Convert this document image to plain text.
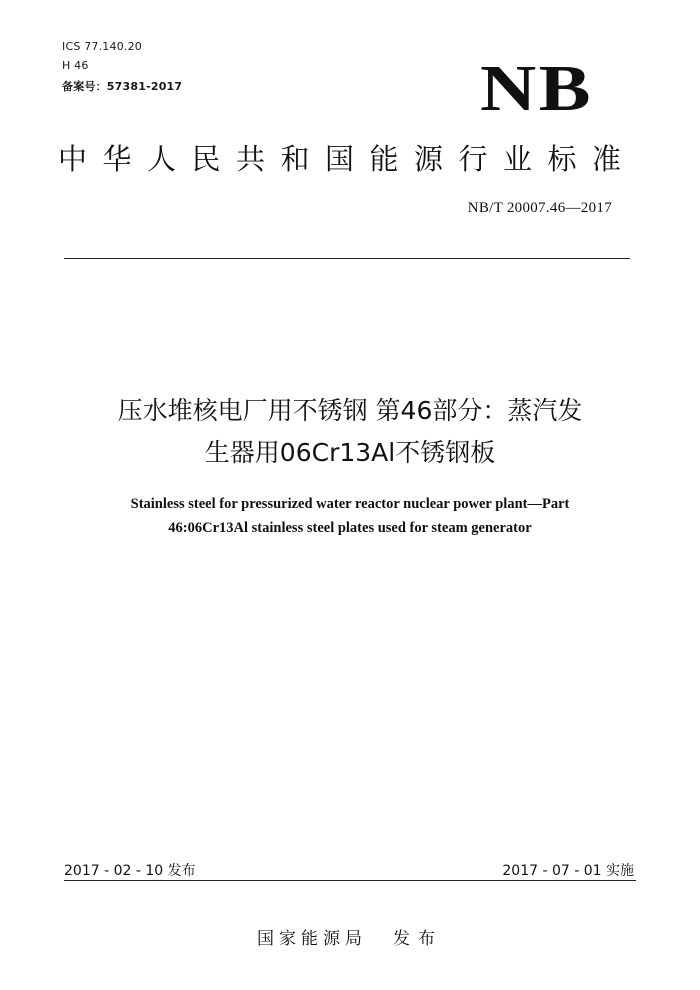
ICS 77.140.20
H 46
备案号：57381-2017	NB
中华人民共和国能源行业标准
NB/T 20007.46—2017
压水堆核电厂用不锈钢 第46部分：蒸汽发
生器用06Cr13Al不锈钢板
Stainless steel for pressurized water reactor nuclear power plant—Part
46:06Cr13Al stainless steel plates used for steam generator
2017 - 02 - 10 发布	2017 - 07 - 01 实施
国家能源局 发布
